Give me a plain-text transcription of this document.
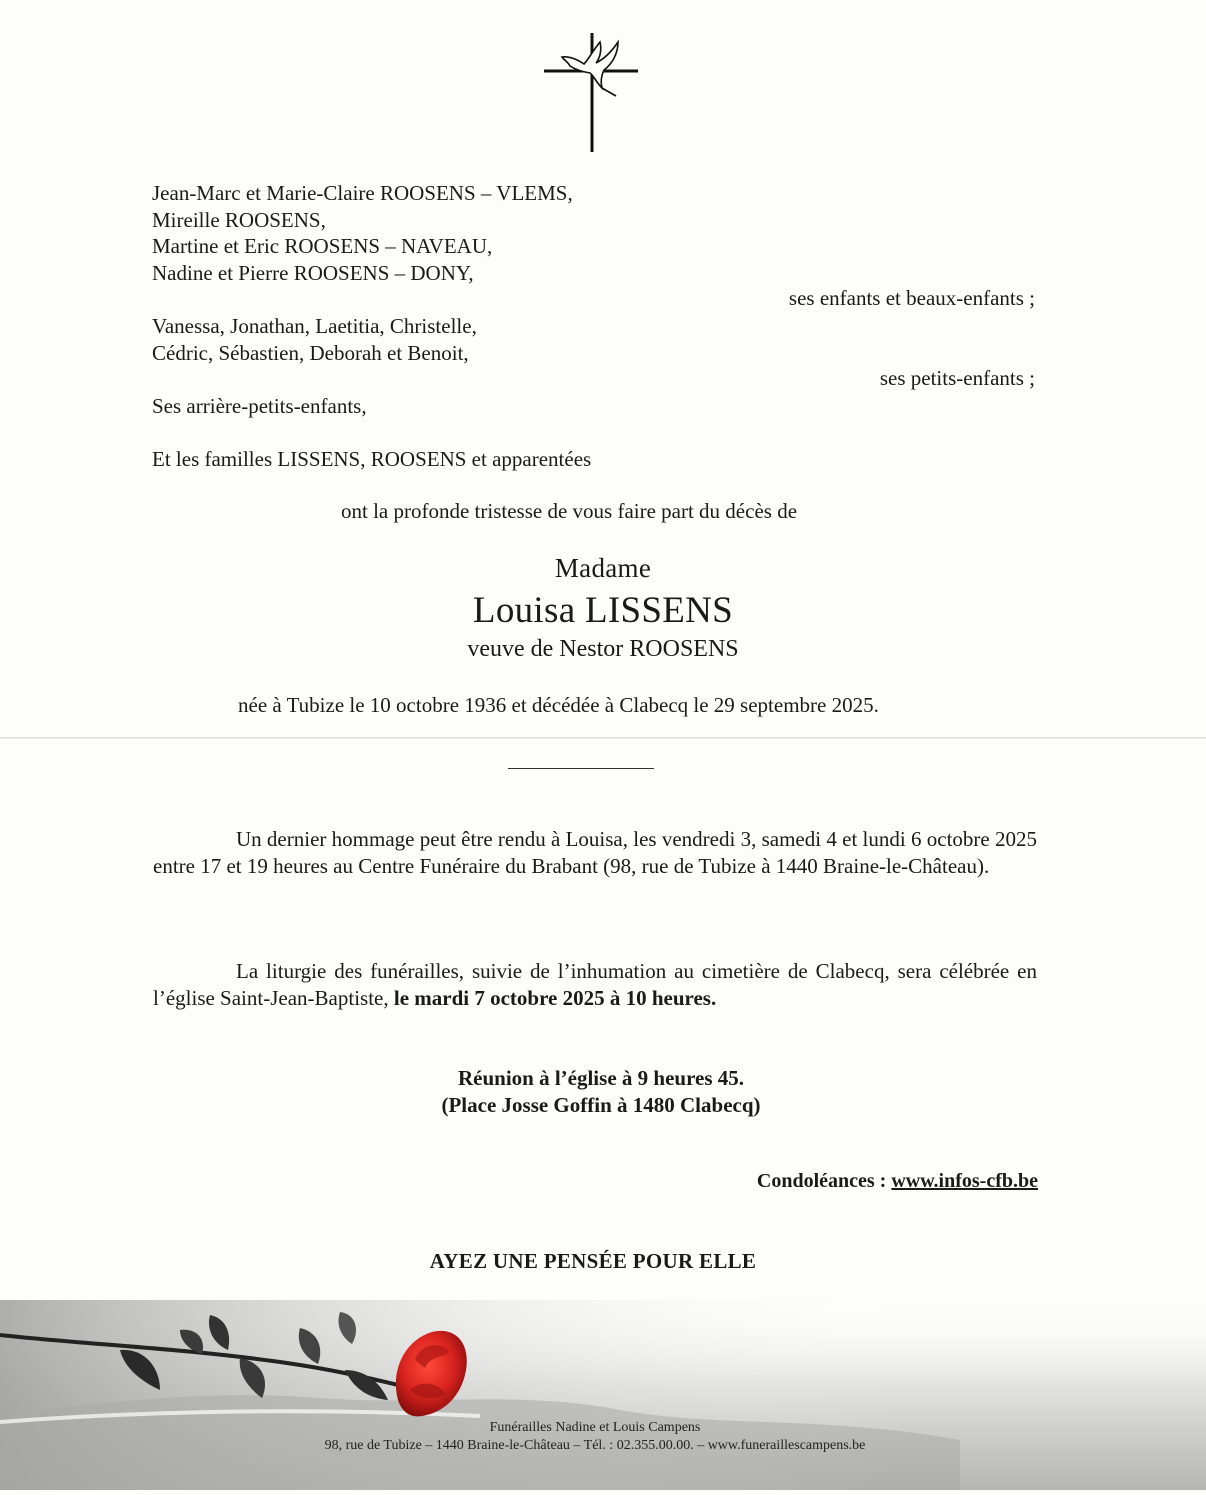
Jean-Marc et Marie-Claire ROOSENS – VLEMS,
Mireille ROOSENS,
Martine et Eric ROOSENS – NAVEAU,
Nadine et Pierre ROOSENS – DONY,
ses enfants et beaux-enfants ;
Vanessa, Jonathan, Laetitia, Christelle,
Cédric, Sébastien, Deborah et Benoit,
ses petits-enfants ;
Ses arrière-petits-enfants,
Et les familles LISSENS, ROOSENS et apparentées
ont la profonde tristesse de vous faire part du décès de
Madame
Louisa LISSENS
veuve de Nestor ROOSENS
née à Tubize le 10 octobre 1936 et décédée à Clabecq le 29 septembre 2025.
Un dernier hommage peut être rendu à Louisa, les vendredi 3, samedi 4 et lundi 6 octobre 2025 entre 17 et 19 heures au Centre Funéraire du Brabant (98, rue de Tubize à 1440 Braine-le-Château).
La liturgie des funérailles, suivie de l’inhumation au cimetière de Clabecq, sera célébrée en l’église Saint-Jean-Baptiste, le mardi 7 octobre 2025 à 10 heures.
Réunion à l’église à 9 heures 45.
(Place Josse Goffin à 1480 Clabecq)
Condoléances : www.infos-cfb.be
AYEZ UNE PENSÉE POUR ELLE
Funérailles Nadine et Louis Campens
98, rue de Tubize – 1440 Braine-le-Château – Tél. : 02.355.00.00. – www.funeraillescampens.be
